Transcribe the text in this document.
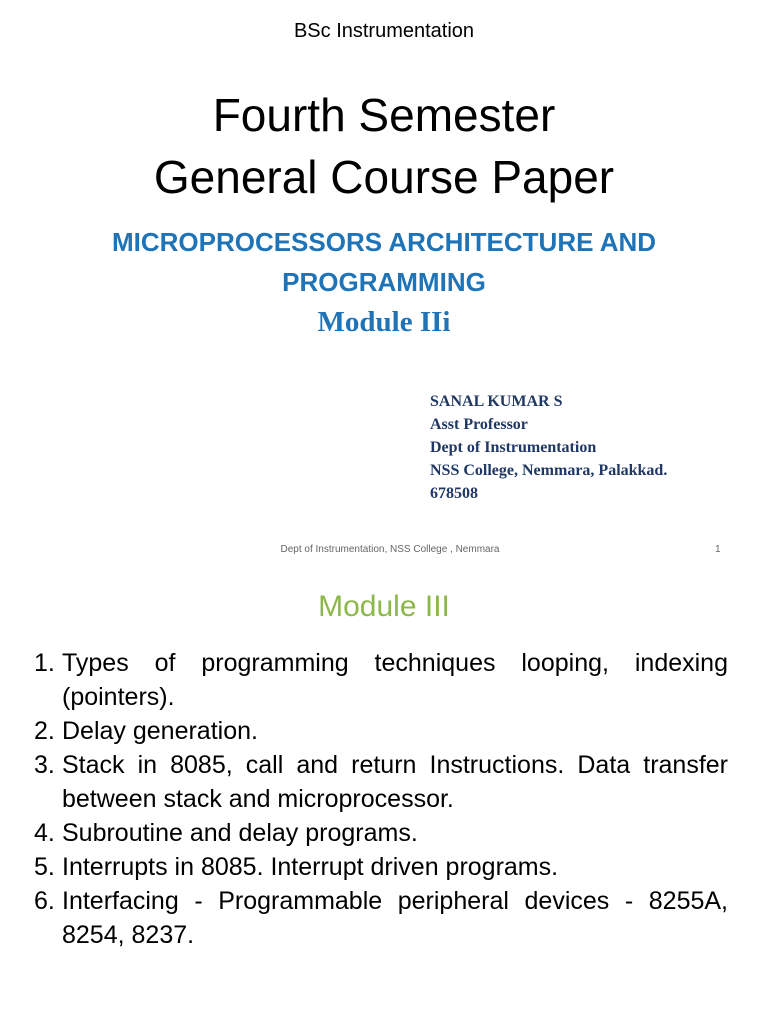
BSc Instrumentation
Fourth Semester
General Course Paper
MICROPROCESSORS ARCHITECTURE AND
PROGRAMMING
Module IIi
SANAL KUMAR S
Asst Professor
Dept of Instrumentation
NSS College, Nemmara, Palakkad.
678508
Dept of Instrumentation, NSS College , Nemmara	1
Module III
1. Types of programming techniques looping, indexing (pointers).
2. Delay generation.
3. Stack in 8085, call and return Instructions. Data transfer between stack and microprocessor.
4. Subroutine and delay programs.
5. Interrupts in 8085. Interrupt driven programs.
6. Interfacing - Programmable peripheral devices - 8255A, 8254, 8237.
